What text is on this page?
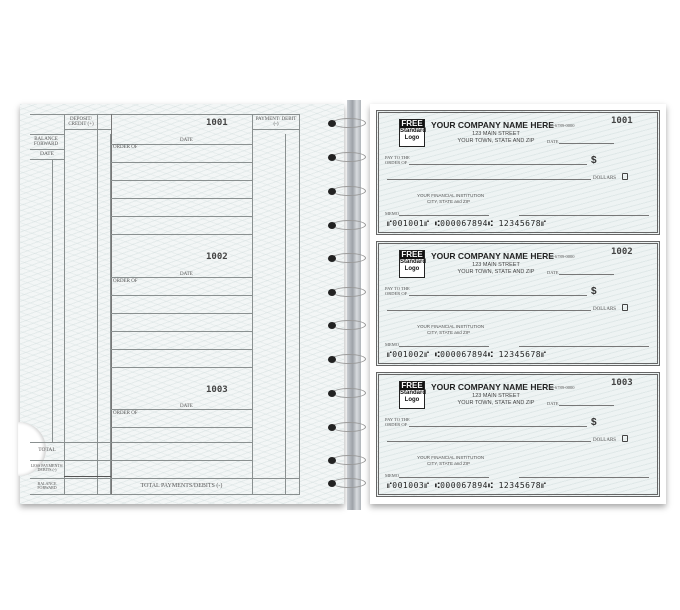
DEPOSIT/ CREDIT (+)
PAYMENT/ DEBIT (-)
BALANCE FORWARD
DATE
1001
DATE
ORDER OF
1002
DATE
ORDER OF
1003
DATE
ORDER OF
TOTAL
LESS PAYMENTS/ DEBITS (-)
BALANCE FORWARD	TOTAL PAYMENTS/DEBITS (-)
FREE
Standard
Logo
YOUR COMPANY NAME HERE
123 MAIN STREET
YOUR TOWN, STATE AND ZIP
00-6789-0000	1001
DATE
PAY TO THE
ORDER OF	$
DOLLARS
YOUR FINANCIAL INSTITUTION
CITY, STATE and ZIP
MEMO
⑈001001⑈ ⑆000067894⑆ 12345678⑈
FREE
Standard
Logo
YOUR COMPANY NAME HERE
123 MAIN STREET
YOUR TOWN, STATE AND ZIP
00-6789-0000	1002
DATE
PAY TO THE
ORDER OF	$
DOLLARS
YOUR FINANCIAL INSTITUTION
CITY, STATE and ZIP
MEMO
⑈001002⑈ ⑆000067894⑆ 12345678⑈
FREE
Standard
Logo
YOUR COMPANY NAME HERE
123 MAIN STREET
YOUR TOWN, STATE AND ZIP
00-6789-0000	1003
DATE
PAY TO THE
ORDER OF	$
DOLLARS
YOUR FINANCIAL INSTITUTION
CITY, STATE and ZIP
MEMO
⑈001003⑈ ⑆000067894⑆ 12345678⑈
